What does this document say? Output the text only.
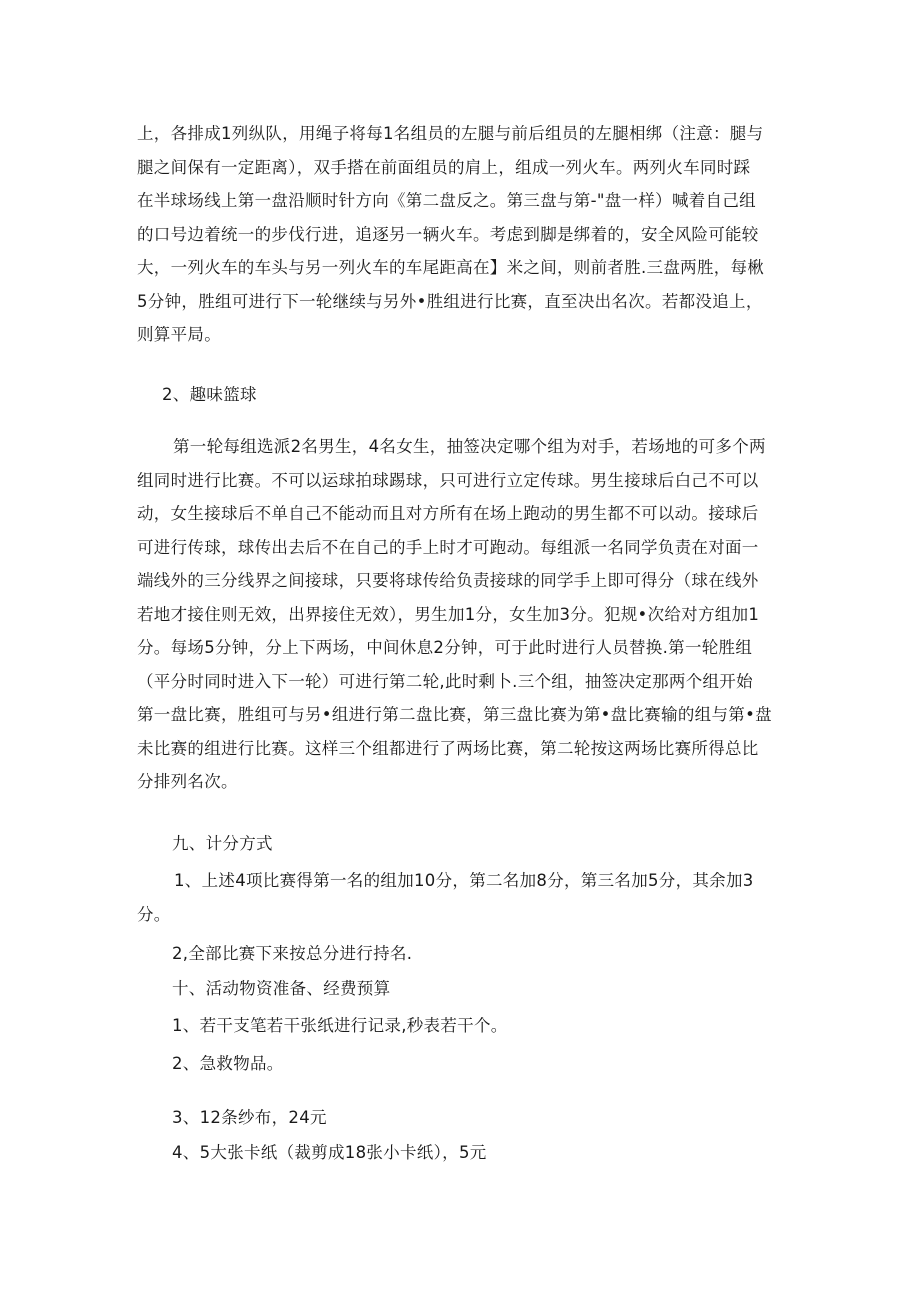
上，各排成1列纵队，用绳子将每1名组员的左腿与前后组员的左腿相绑（注意：腿与
腿之间保有一定距离），双手搭在前面组员的肩上，组成一列火车。两列火车同时踩
在半球场线上第一盘沿顺时针方向《第二盘反之。第三盘与第-"盘一样）喊着自己组
的口号边着统一的步伐行进，追逐另一辆火车。考虑到脚是绑着的，安全风险可能较
大，一列火车的车头与另一列火车的车尾距高在】米之间，则前者胜.三盘两胜，每楸
5分钟，胜组可进行下一轮继续与另外•胜组进行比赛，直至决出名次。若都没追上，
则算平局。
2、趣味篮球
第一轮每组选派2名男生，4名女生，抽签决定哪个组为对手，若场地的可多个两
组同时进行比赛。不可以运球拍球踢球，只可进行立定传球。男生接球后白己不可以
动，女生接球后不单自己不能动而且对方所有在场上跑动的男生都不可以动。接球后
可进行传球，球传出去后不在自己的手上时才可跑动。每组派一名同学负责在对面一
端线外的三分线界之间接球，只要将球传给负责接球的同学手上即可得分（球在线外
若地才接住则无效，出界接住无效），男生加1分，女生加3分。犯规•次给对方组加1
分。每场5分钟，分上下两场，中间休息2分钟，可于此时进行人员替换.第一轮胜组
（平分时同时进入下一轮）可进行第二轮,此时剩卜.三个组，抽签决定那两个组开始
第一盘比赛，胜组可与另•组进行第二盘比赛，第三盘比赛为第•盘比赛输的组与第•盘
未比赛的组进行比赛。这样三个组都进行了两场比赛，第二轮按这两场比赛所得总比
分排列名次。
九、计分方式
1、上述4项比赛得第一名的组加10分，第二名加8分，第三名加5分，其余加3
分。
2,全部比赛下来按总分进行持名.
十、活动物资准备、经费预算
1、若干支笔若干张纸进行记录,秒表若干个。
2、急救物品。
3、12条纱布，24元
4、5大张卡纸（裁剪成18张小卡纸），5元
